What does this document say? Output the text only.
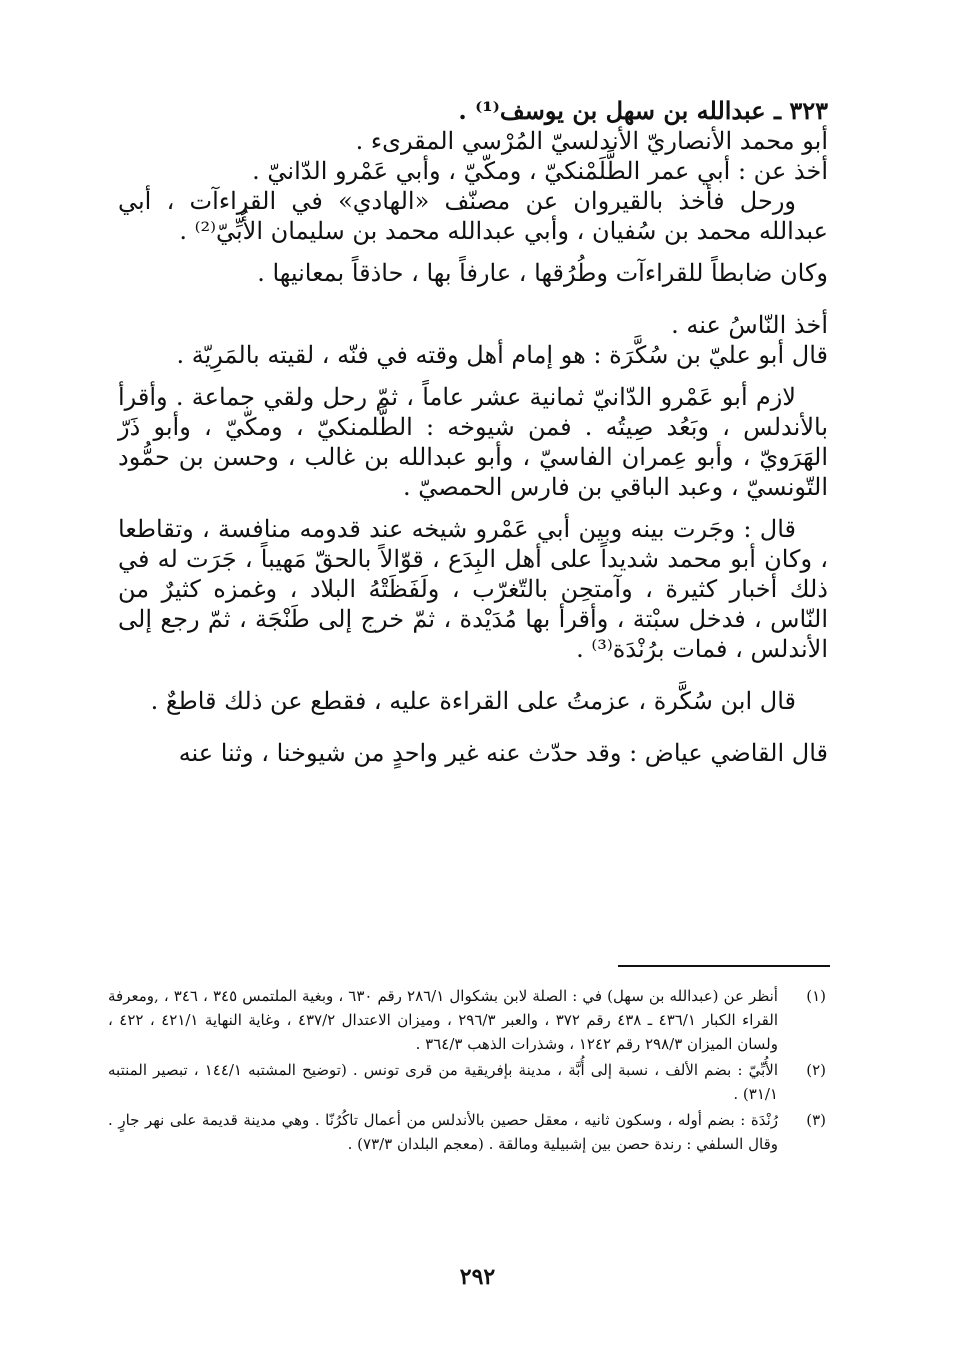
٣٢٣ ـ عبدالله بن سهل بن يوسف⁽¹⁾ .

أبو محمد الأنصاريّ الأندلسيّ المُرْسي المقرىء .

أخذ عن : أبي عمر الطَّلَمْنكيّ ، ومكّيّ ، وأبي عَمْرو الدّانيّ .

ورحل فأخذ بالقيروان عن مصنّف «الهادي» في القراءآت ، أبي عبدالله محمد بن سُفيان ، وأبي عبدالله محمد بن سليمان الأُبِّيّ⁽²⁾ .

وكان ضابطاً للقراءآت وطُرُقها ، عارفاً بها ، حاذقاً بمعانيها .

أخذ النّاسُ عنه .

قال أبو عليّ بن سُكَّرَة : هو إمام أهل وقته في فنّه ، لقيته بالمَرِيّة .

لازم أبو عَمْرو الدّانيّ ثمانية عشر عاماً ، ثمّ رحل ولقي جماعة . وأقرأ بالأندلس ، وبَعُد صِيتُه . فمن شيوخه : الطَّلمنكيّ ، ومكّيّ ، وأبو ذَرّ الهَرَويّ ، وأبو عِمران الفاسيّ ، وأبو عبدالله بن غالب ، وحسن بن حمُّود التّونسيّ ، وعبد الباقي بن فارس الحمصيّ .

قال : وجَرت بينه وبين أبي عَمْرو شيخه عند قدومه منافسة ، وتقاطعا ، وكان أبو محمد شديداً على أهل البِدَع ، قوّالاً بالحقّ مَهيباً ، جَرَت له في ذلك أخبار كثيرة ، وآمتحِن بالتّغرّب ، ولَفَظَتْهُ البلاد ، وغمزه كثيرٌ من النّاس ، فدخل سبْتة ، وأقرأ بها مُدَيْدة ، ثمّ خرج إلى طَنْجَة ، ثمّ رجع إلى الأندلس ، فمات برُنْدَة⁽³⁾ .

قال ابن سُكَّرة ، عزمتُ على القراءة عليه ، فقطع عن ذلك قاطعٌ .

قال القاضي عياض : وقد حدّث عنه غير واحدٍ من شيوخنا ، وثنا عنه

(١)
أنظر عن (عبدالله بن سهل) في : الصلة لابن بشكوال ٢٨٦/١ رقم ٦٣٠ ، وبغية الملتمس ٣٤٥ ، ٣٤٦ ، ,ومعرفة القراء الكبار ٤٣٦/١ ـ ٤٣٨ رقم ٣٧٢ ، والعبر ٢٩٦/٣ ، وميزان الاعتدال ٤٣٧/٢ ، وغاية النهاية ٤٢١/١ ، ٤٢٢ ، ولسان الميزان ٢٩٨/٣ رقم ١٢٤٢ ، وشذرات الذهب ٣٦٤/٣ .
(٢)
الأُبِّيّ : بضم الألف ، نسبة إلى أُبَّة ، مدينة بإفريقية من قرى تونس . (توضيح المشتبه ١٤٤/١ ، تبصير المنتبه ٣١/١) .
(٣)
رُنْدَة : بضم أوله ، وسكون ثانيه ، معقل حصين بالأندلس من أعمال تاكُرُنّا . وهي مدينة قديمة على نهر جارٍ . وقال السلفي : رندة حصن بين إشبيلية ومالقة . (معجم البلدان ٧٣/٣) .
٢٩٢
